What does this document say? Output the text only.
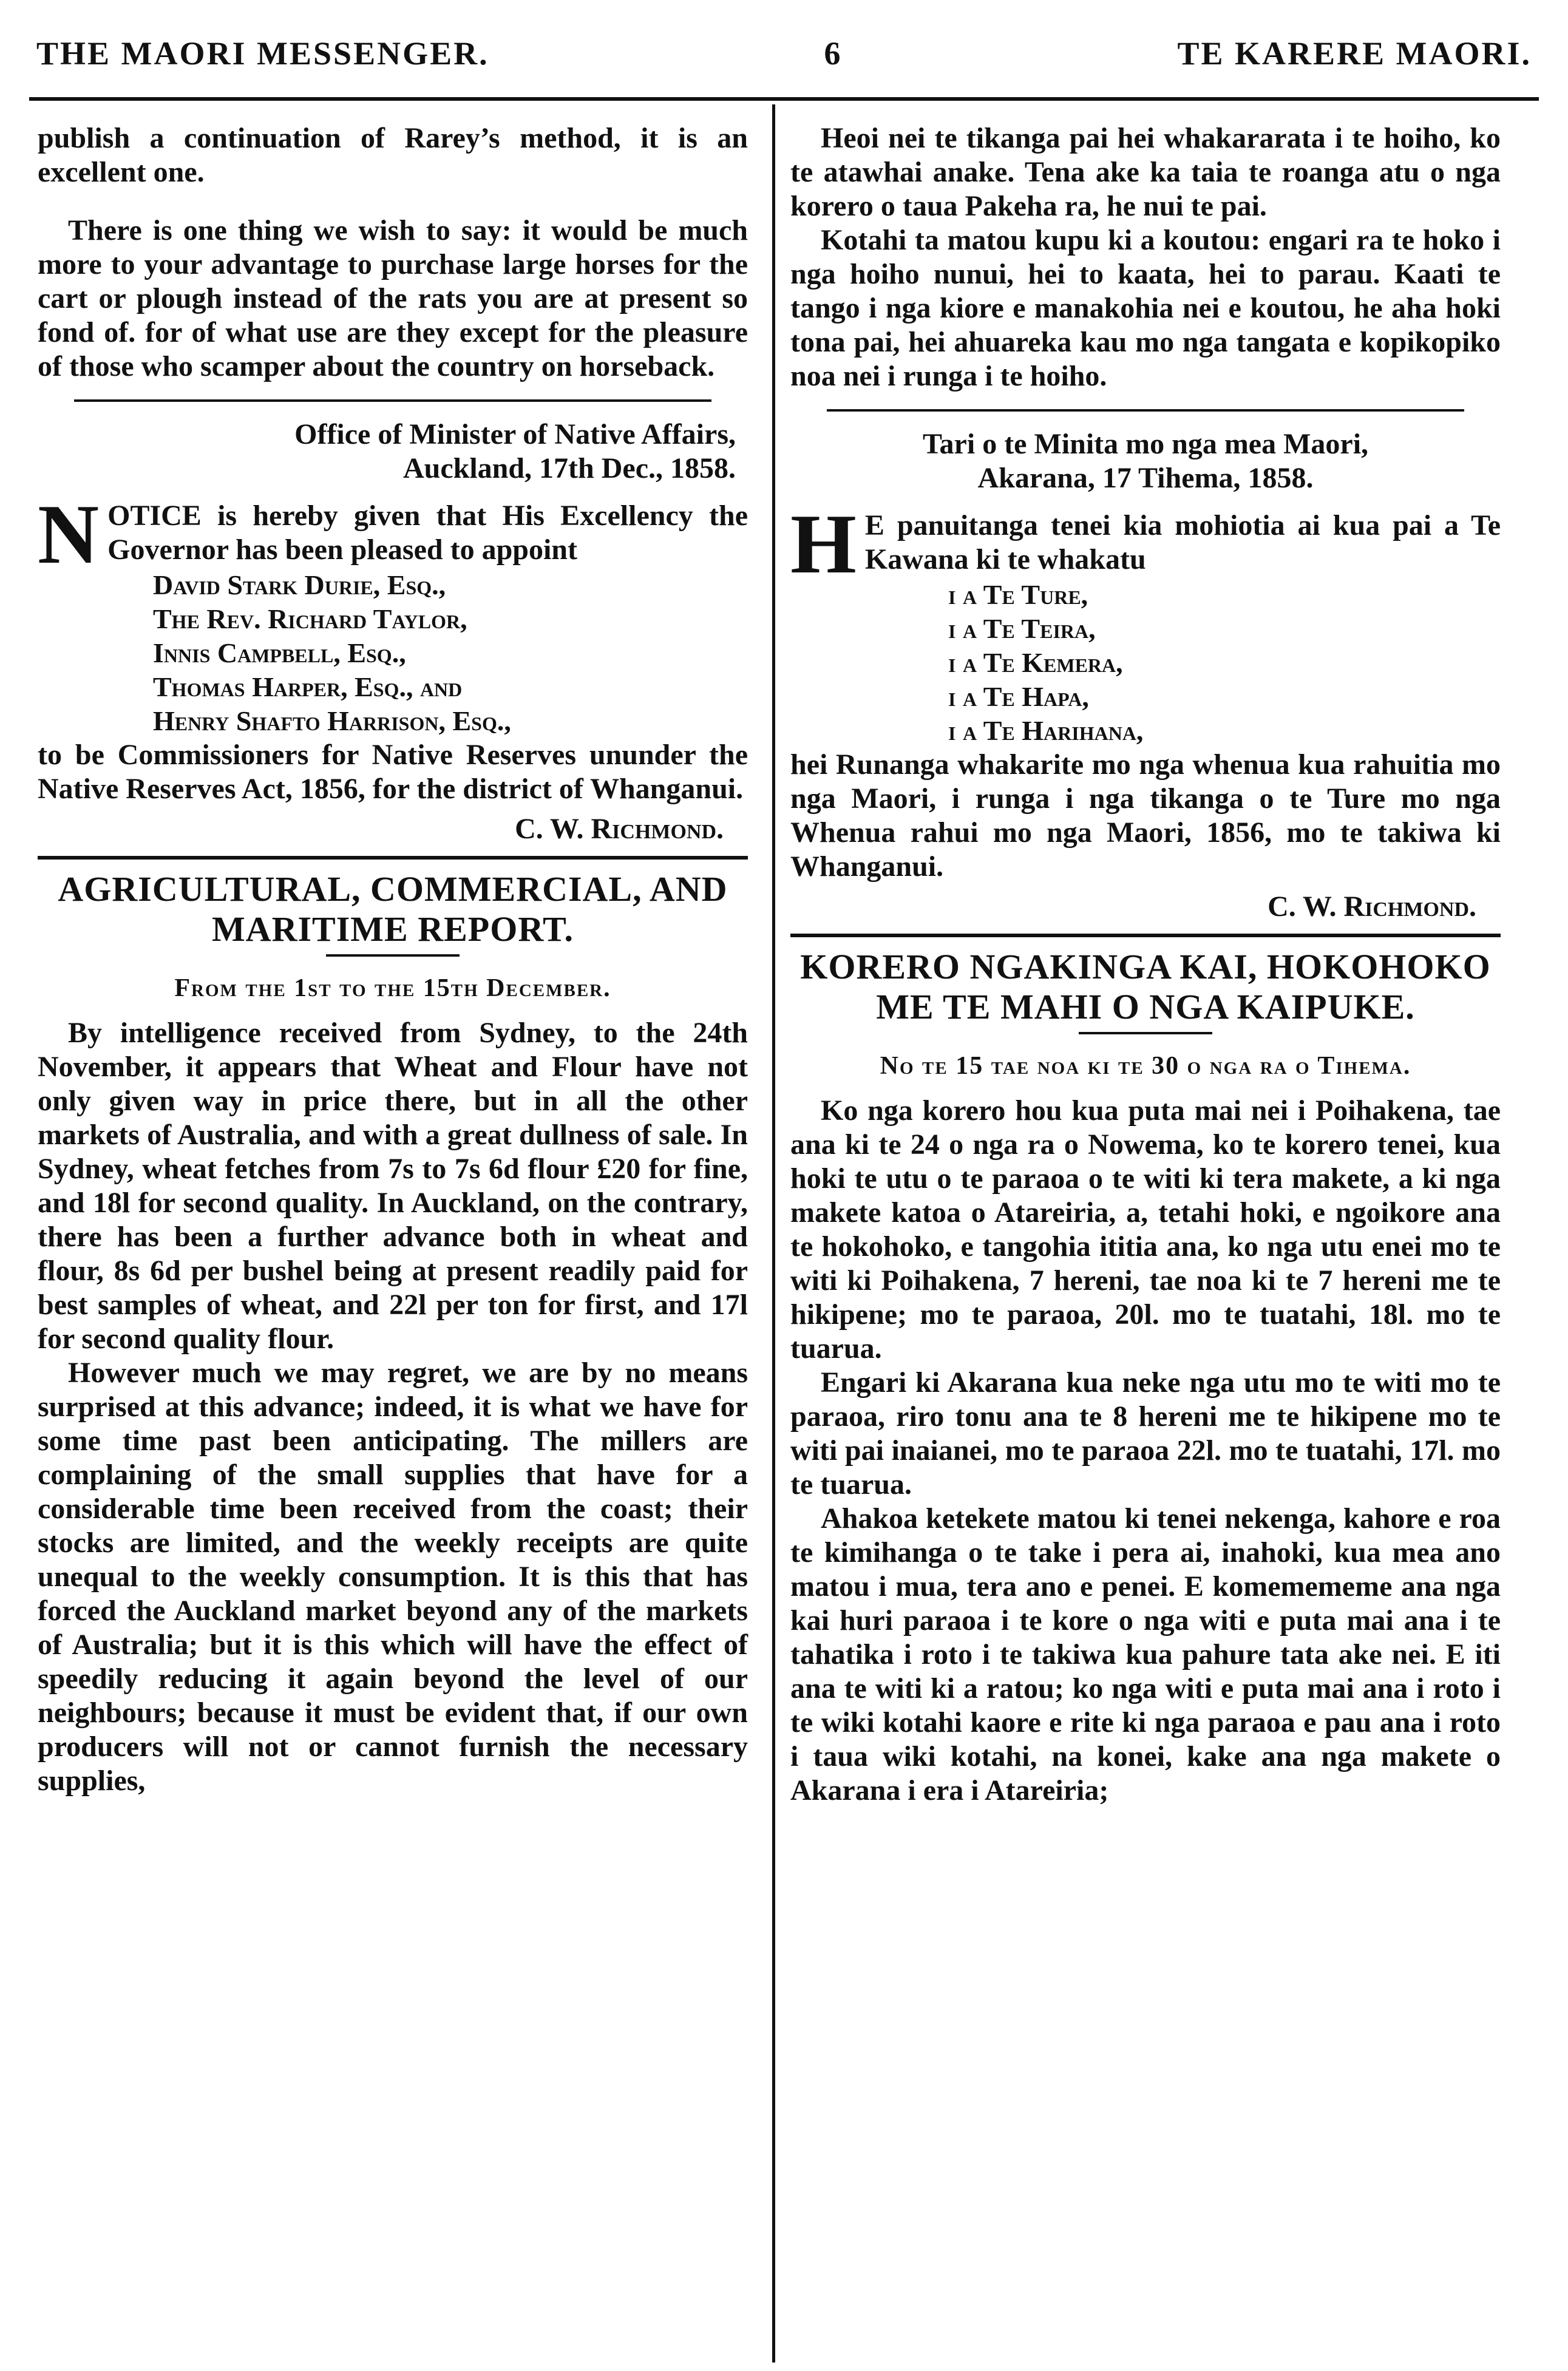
THE MAORI MESSENGER.	6	TE KARERE MAORI.

publish a continuation of Rarey’s method, it is an excellent one.

There is one thing we wish to say: it would be much more to your advantage to purchase large horses for the cart or plough instead of the rats you are at present so fond of. for of what use are they except for the pleasure of those who scamper about the country on horseback.

Office of Minister of Native Affairs,
Auckland, 17th Dec., 1858.
N OTICE is hereby given that His Excellency the Governor has been pleased to appoint

David Stark Durie, Esq.,
The Rev. Richard Taylor,
Innis Campbell, Esq.,
Thomas Harper, Esq., and
Henry Shafto Harrison, Esq.,

to be Commissioners for Native Reserves ununder the Native Reserves Act, 1856, for the district of Whanganui.

C. W. Richmond.
AGRICULTURAL, COMMERCIAL, AND MARITIME REPORT.
From the 1st to the 15th December.

By intelligence received from Sydney, to the 24th November, it appears that Wheat and Flour have not only given way in price there, but in all the other markets of Australia, and with a great dullness of sale. In Sydney, wheat fetches from 7s to 7s 6d flour £20 for fine, and 18l for second quality. In Auckland, on the contrary, there has been a further advance both in wheat and flour, 8s 6d per bushel being at present readily paid for best samples of wheat, and 22l per ton for first, and 17l for second quality flour.

However much we may regret, we are by no means surprised at this advance; indeed, it is what we have for some time past been anticipating. The millers are complaining of the small supplies that have for a considerable time been received from the coast; their stocks are limited, and the weekly receipts are quite unequal to the weekly consumption. It is this that has forced the Auckland market beyond any of the markets of Australia; but it is this which will have the effect of speedily reducing it again beyond the level of our neighbours; because it must be evident that, if our own producers will not or cannot furnish the necessary supplies,

Heoi nei te tikanga pai hei whakararata i te hoiho, ko te atawhai anake. Tena ake ka taia te roanga atu o nga korero o taua Pakeha ra, he nui te pai.

Kotahi ta matou kupu ki a koutou: engari ra te hoko i nga hoiho nunui, hei to kaata, hei to parau. Kaati te tango i nga kiore e manakohia nei e koutou, he aha hoki tona pai, hei ahuareka kau mo nga tangata e kopikopiko noa nei i runga i te hoiho.

Tari o te Minita mo nga mea Maori,
Akarana, 17 Tihema, 1858.
H E panuitanga tenei kia mohiotia ai kua pai a Te Kawana ki te whakatu

i a Te Ture,
i a Te Teira,
i a Te Kemera,
i a Te Hapa,
i a Te Harihana,

hei Runanga whakarite mo nga whenua kua rahuitia mo nga Maori, i runga i nga tikanga o te Ture mo nga Whenua rahui mo nga Maori, 1856, mo te takiwa ki Whanganui.

C. W. Richmond.
KORERO NGAKINGA KAI, HOKOHOKO ME TE MAHI O NGA KAIPUKE.
No te 15 tae noa ki te 30 o nga ra o Tihema.

Ko nga korero hou kua puta mai nei i Poihakena, tae ana ki te 24 o nga ra o Nowema, ko te korero tenei, kua hoki te utu o te paraoa o te witi ki tera makete, a ki nga makete katoa o Atareiria, a, tetahi hoki, e ngoikore ana te hokohoko, e tangohia ititia ana, ko nga utu enei mo te witi ki Poihakena, 7 hereni, tae noa ki te 7 hereni me te hikipene; mo te paraoa, 20l. mo te tuatahi, 18l. mo te tuarua.

Engari ki Akarana kua neke nga utu mo te witi mo te paraoa, riro tonu ana te 8 hereni me te hikipene mo te witi pai inaianei, mo te paraoa 22l. mo te tuatahi, 17l. mo te tuarua.

Ahakoa ketekete matou ki tenei nekenga, kahore e roa te kimihanga o te take i pera ai, inahoki, kua mea ano matou i mua, tera ano e penei. E komemememe ana nga kai huri paraoa i te kore o nga witi e puta mai ana i te tahatika i roto i te takiwa kua pahure tata ake nei. E iti ana te witi ki a ratou; ko nga witi e puta mai ana i roto i te wiki kotahi kaore e rite ki nga paraoa e pau ana i roto i taua wiki kotahi, na konei, kake ana nga makete o Akarana i era i Atareiria;
